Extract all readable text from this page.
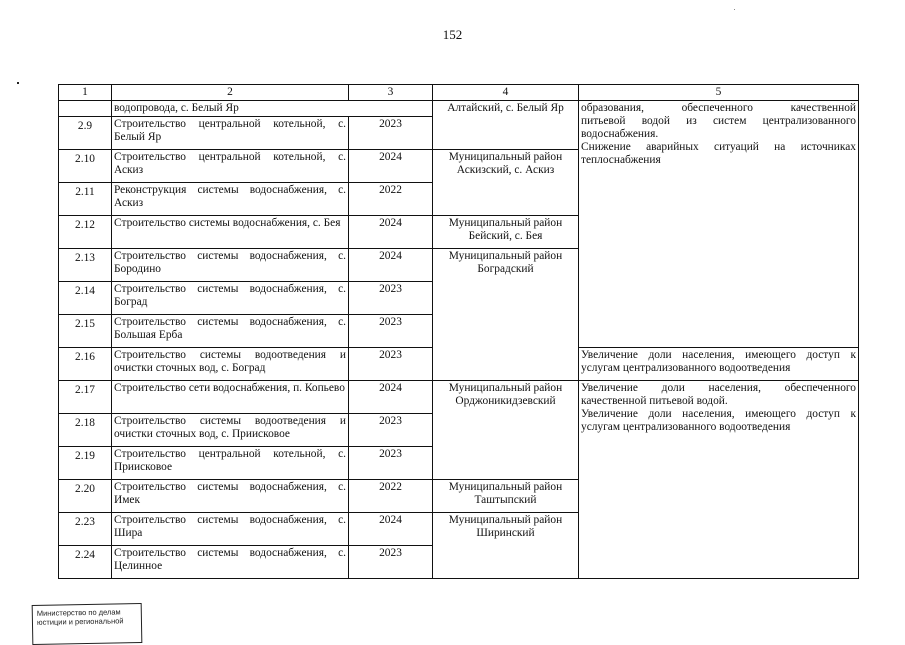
152
1	2	3	4	5
	водопровода, с. Белый Яр		Алтайский, с. Белый Яр	образования, обеспеченного качественной
питьевой водой из систем централизованного водоснабжения.
Снижение аварийных ситуаций на источниках теплоснабжения

2.9	Строительство центральной котельной, с. Белый Яр	2023		
2.10	Строительство центральной котельной, с. Аскиз	2024	Муниципальный район Аскизский, с. Аскиз	
2.11	Реконструкция системы водоснабжения, с. Аскиз	2022		
2.12	Строительство системы водоснабжения, с. Бея	2024	Муниципальный район Бейский, с. Бея	
2.13	Строительство системы водоснабжения, с. Бородино	2024	Муниципальный район Боградский	
2.14	Строительство системы водоснабжения, с. Боград	2023		
2.15	Строительство системы водоснабжения, с. Большая Ерба	2023		
2.16	Строительство системы водоотведения и очистки сточных вод, с. Боград	2023		Увеличение доли населения, имеющего доступ к услугам централизованного водоотведения

2.17	Строительство сети водоснабжения, п. Копьево	2024	Муниципальный район Орджоникидзевский	Увеличение доли населения, обеспеченного качественной питьевой водой.
Увеличение доли населения, имеющего доступ к услугам централизованного водоотведения

2.18	Строительство системы водоотведения и очистки сточных вод, с. Приисковое	2023		
2.19	Строительство центральной котельной, с. Приисковое	2023		
2.20	Строительство системы водоснабжения, с. Имек	2022	Муниципальный район Таштыпский	
2.23	Строительство системы водоснабжения, с. Шира	2024	Муниципальный район Ширинский	
2.24	Строительство системы водоснабжения, с. Целинное	2023		
Министерство по делам
юстиции и региональной
